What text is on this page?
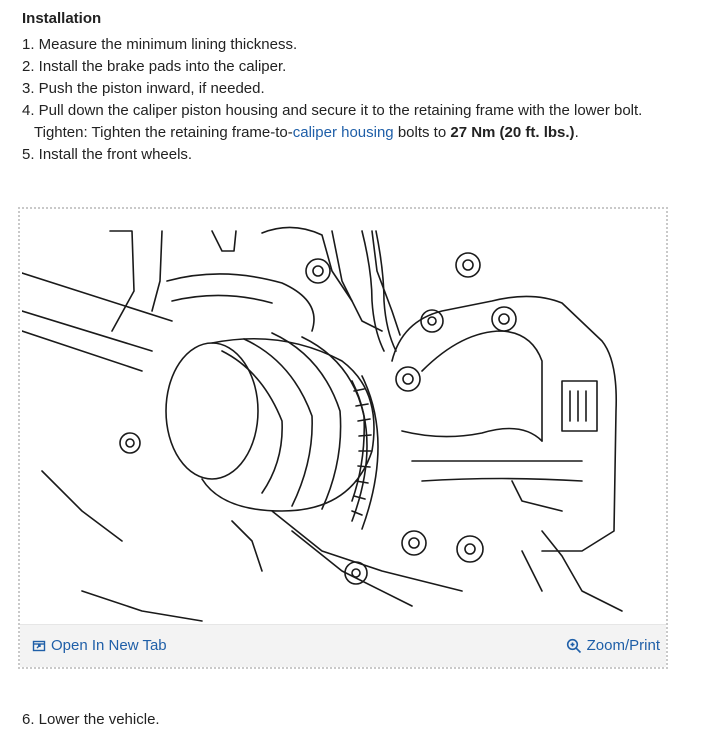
Installation
1. Measure the minimum lining thickness.
2. Install the brake pads into the caliper.
3. Push the piston inward, if needed.
4. Pull down the caliper piston housing and secure it to the retaining frame with the lower bolt.
Tighten: Tighten the retaining frame-to-caliper housing bolts to 27 Nm (20 ft. lbs.).
5. Install the front wheels.
Open In New Tab	Zoom/Print
6. Lower the vehicle.
